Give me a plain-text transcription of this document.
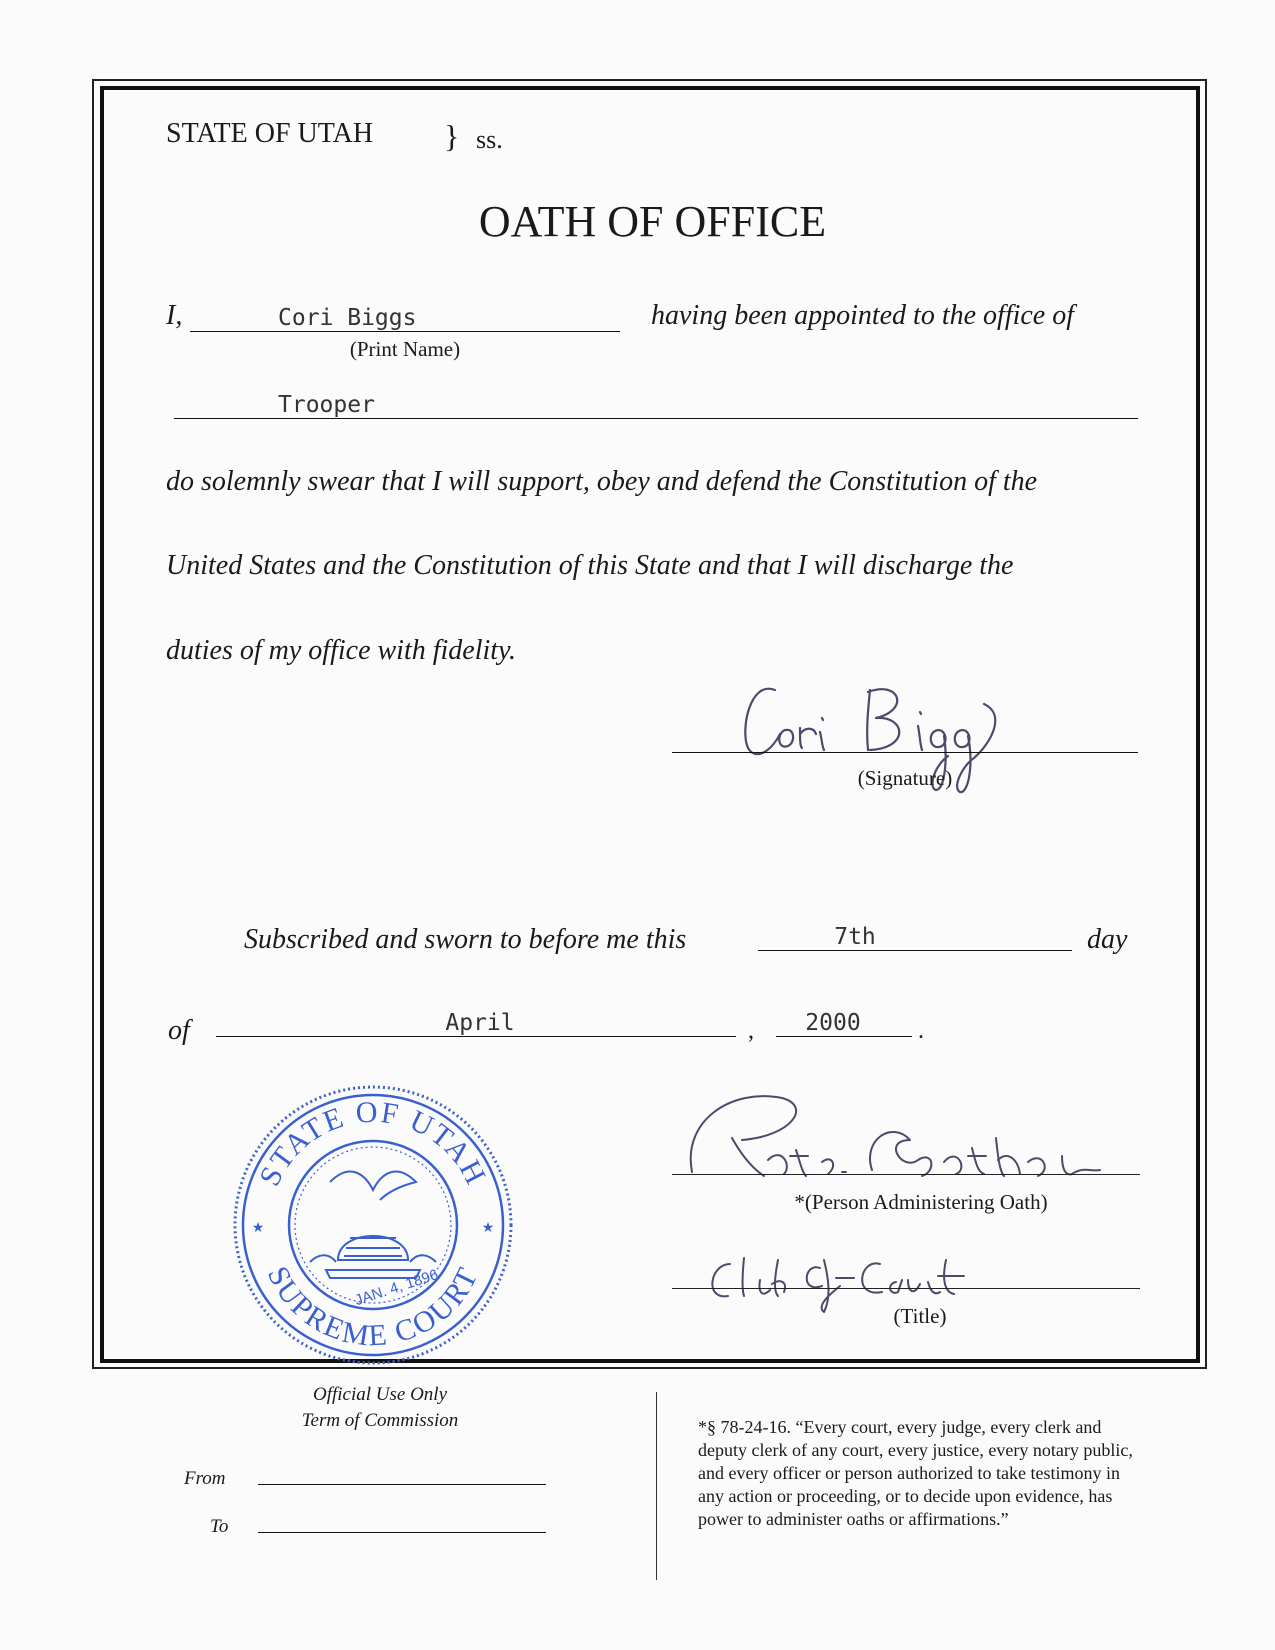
STATE OF UTAH } ss.
OATH OF OFFICE
I,	Cori Biggs
(Print Name)
having been appointed to the office of
Trooper
do solemnly swear that I will support, obey and defend the Constitution of the
United States and the Constitution of this State and that I will discharge the
duties of my office with fidelity.
(Signature)
Subscribed and sworn to before me this	7th	day
of	April	,	2000	.
STATE OF UTAH
SUPREME COURT
★	★
JAN. 4, 1896
*(Person Administering Oath)
(Title)
Official Use Only
Term of Commission
From
To
*§ 78-24-16. “Every court, every judge, every clerk and
deputy clerk of any court, every justice, every notary public,
and every officer or person authorized to take testimony in
any action or proceeding, or to decide upon evidence, has
power to administer oaths or affirmations.”
